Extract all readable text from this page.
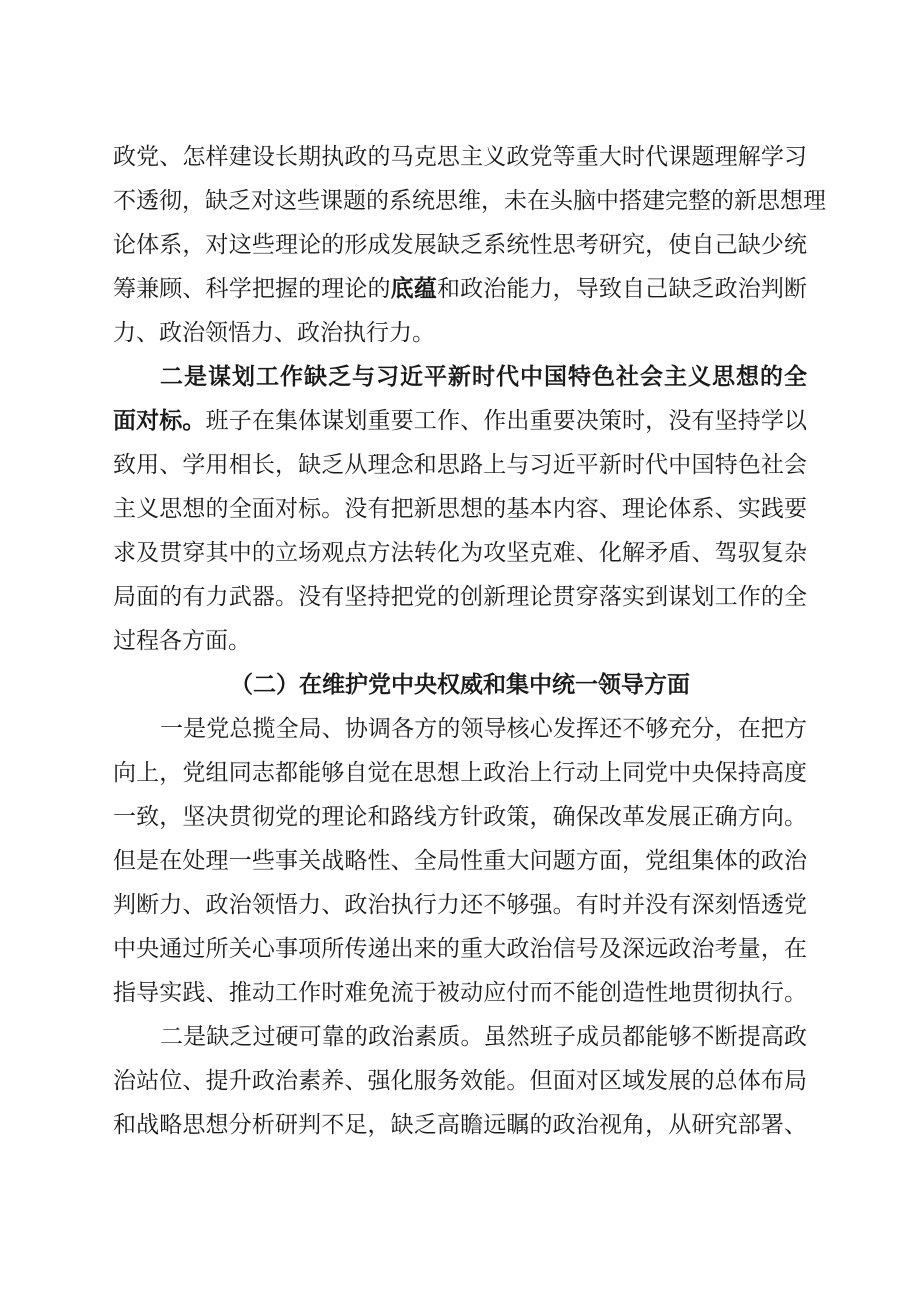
政党、怎样建设长期执政的马克思主义政党等重大时代课题理解学习
不透彻，缺乏对这些课题的系统思维，未在头脑中搭建完整的新思想理
论体系，对这些理论的形成发展缺乏系统性思考研究，使自己缺少统
筹兼顾、科学把握的理论的底蕴和政治能力，导致自己缺乏政治判断
力、政治领悟力、政治执行力。
二是谋划工作缺乏与习近平新时代中国特色社会主义思想的全
面对标。班子在集体谋划重要工作、作出重要决策时，没有坚持学以
致用、学用相长，缺乏从理念和思路上与习近平新时代中国特色社会
主义思想的全面对标。没有把新思想的基本内容、理论体系、实践要
求及贯穿其中的立场观点方法转化为攻坚克难、化解矛盾、驾驭复杂
局面的有力武器。没有坚持把党的创新理论贯穿落实到谋划工作的全
过程各方面。
（二）在维护党中央权威和集中统一领导方面
一是党总揽全局、协调各方的领导核心发挥还不够充分，在把方
向上，党组同志都能够自觉在思想上政治上行动上同党中央保持高度
一致，坚决贯彻党的理论和路线方针政策，确保改革发展正确方向。
但是在处理一些事关战略性、全局性重大问题方面，党组集体的政治
判断力、政治领悟力、政治执行力还不够强。有时并没有深刻悟透党
中央通过所关心事项所传递出来的重大政治信号及深远政治考量，在
指导实践、推动工作时难免流于被动应付而不能创造性地贯彻执行。
二是缺乏过硬可靠的政治素质。虽然班子成员都能够不断提高政
治站位、提升政治素养、强化服务效能。但面对区域发展的总体布局
和战略思想分析研判不足，缺乏高瞻远瞩的政治视角，从研究部署、
